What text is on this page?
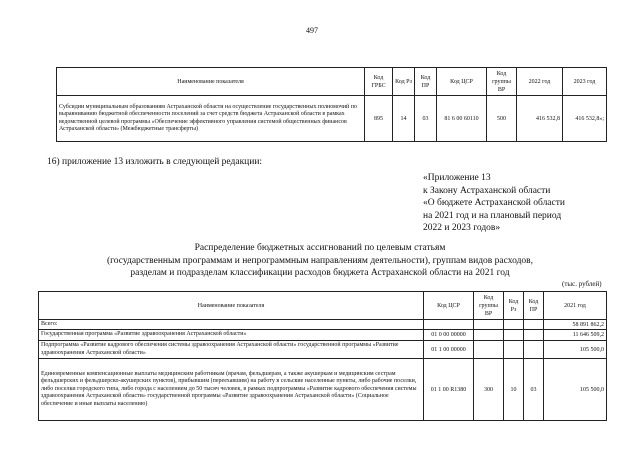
497
Наименование показателя	Код ГРБС	Код Рз	Код ПР	Код ЦСР	Код группы ВР	2022 год	2023 год
Субсидии муниципальным образованиям Астраханской области на осуществление государственных полномочий по выравниванию бюджетной обеспеченности поселений за счет средств бюджета Астраханской области в рамках ведомственной целевой программы «Обеспечение эффективного управления системой общественных финансов Астраханской области» (Межбюджетные трансферты)	895	14	03	81 6 00 60110	500	416 532,8	416 532,8»;
16) приложение 13 изложить в следующей редакции:
«Приложение 13
к Закону Астраханской области
«О бюджете Астраханской области
на 2021 год и на плановый период
2022 и 2023 годов»
Распределение бюджетных ассигнований по целевым статьям
(государственным программам и непрограммным направлениям деятельности), группам видов расходов,
разделам и подразделам классификации расходов бюджета Астраханской области на 2021 год
(тыс. рублей)
Наименование показателя	Код ЦСР	Код группы ВР	Код Рз	Код ПР	2021 год
Всего:					58 891 862,2
Государственная программа «Развитие здравоохранения Астраханской области»	01 0 00 00000				11 646 509,2
Подпрограмма «Развитие кадрового обеспечения системы здравоохранения Астраханской области» государственной программы «Развитие здравоохранения Астраханской области»	01 1 00 00000				105 500,0
Единовременные компенсационные выплаты медицинским работникам (врачам, фельдшерам, а также акушеркам и медицинским сестрам фельдшерских и фельдшерско-акушерских пунктов), прибывшим (переехавшим) на работу в сельские населенные пункты, либо рабочие поселки, либо поселки городского типа, либо города с населением до 50 тысяч человек, в рамках подпрограммы «Развитие кадрового обеспечения системы здравоохранения Астраханской области» государственной программы «Развитие здравоохранения Астраханской области» (Социальное обеспечение и иные выплаты населению)	01 1 00 R1380	300	10	03	105 500,0
